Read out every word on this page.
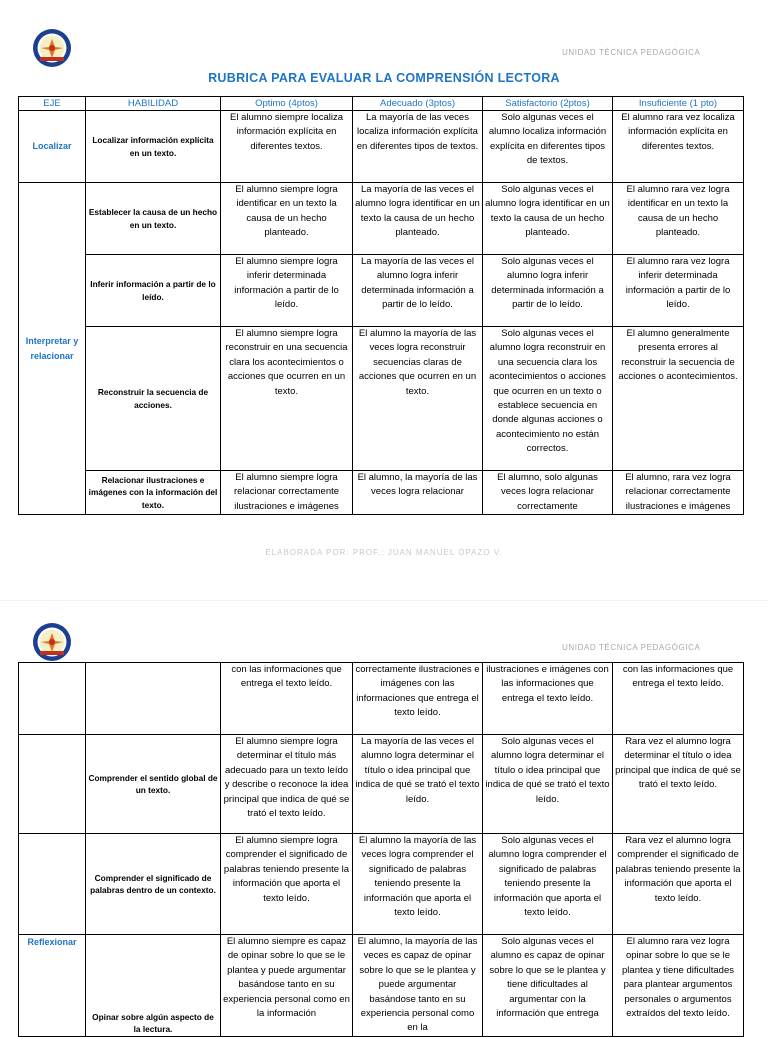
UNIDAD TÉCNICA PEDAGÓGICA
RUBRICA PARA EVALUAR LA COMPRENSIÓN LECTORA
EJE	HABILIDAD	Optimo (4ptos)	Adecuado (3ptos)	Satisfactorio (2ptos)	Insuficiente (1 pto)
Localizar	Localizar información explícita en un texto.	El alumno siempre localiza información explícita en diferentes textos.	La mayoría de las veces localiza información explícita en diferentes tipos de textos.	Solo algunas veces el alumno localiza información explícita en diferentes tipos de textos.	El alumno rara vez localiza información explícita en diferentes textos.
Interpretar y relacionar	Establecer la causa de un hecho en un texto.	El alumno siempre logra identificar en un texto la causa de un hecho planteado.	La mayoría de las veces el alumno logra identificar en un texto la causa de un hecho planteado.	Solo algunas veces el alumno logra identificar en un texto la causa de un hecho planteado.	El alumno rara vez logra identificar en un texto la causa de un hecho planteado.
	Inferir información a partir de lo leído.	El alumno siempre logra inferir determinada información a partir de lo leído.	La mayoría de las veces el alumno logra inferir determinada información a partir de lo leído.	Solo algunas veces el alumno logra inferir determinada información a partir de lo leído.	El alumno rara vez logra inferir determinada información a partir de lo leído.
	Reconstruir la secuencia de acciones.	El alumno siempre logra reconstruir en una secuencia clara los acontecimientos o acciones que ocurren en un texto.	El alumno la mayoría de las veces logra reconstruir secuencias claras de acciones que ocurren en un texto.	Solo algunas veces el alumno logra reconstruir en una secuencia clara los acontecimientos o acciones que ocurren en un texto o establece secuencia en donde algunas acciones o acontecimiento no están correctos.	El alumno generalmente presenta errores al reconstruir la secuencia de acciones o acontecimientos.
	Relacionar ilustraciones e imágenes con la información del texto.	El alumno siempre logra relacionar correctamente ilustraciones e imágenes	El alumno, la mayoría de las veces logra relacionar	El alumno, solo algunas veces logra relacionar correctamente	El alumno, rara vez logra relacionar correctamente ilustraciones e imágenes
ELABORADA POR: PROF.: JUAN MANUEL OPAZO V.
UNIDAD TÉCNICA PEDAGÓGICA
		con las informaciones que entrega el texto leído.	correctamente ilustraciones e imágenes con las informaciones que entrega el texto leído.	ilustraciones e imágenes con las informaciones que entrega el texto leído.	con las informaciones que entrega el texto leído.
	Comprender el sentido global de un texto.	El alumno siempre logra determinar el título más adecuado para un texto leído y describe o reconoce la idea principal que indica de qué se trató el texto leído.	La mayoría de las veces el alumno logra determinar el título o idea principal que indica de qué se trató el texto leído.	Solo algunas veces el alumno logra determinar el título o idea principal que indica de qué se trató el texto leído.	Rara vez el alumno logra determinar el título o idea principal que indica de qué se trató el texto leído.
	Comprender el significado de palabras dentro de un contexto.	El alumno siempre logra comprender el significado de palabras teniendo presente la información que aporta el texto leído.	El alumno la mayoría de las veces logra comprender el significado de palabras teniendo presente la información que aporta el texto leído.	Solo algunas veces el alumno logra comprender el significado de palabras teniendo presente la información que aporta el texto leído.	Rara vez el alumno logra comprender el significado de palabras teniendo presente la información que aporta el texto leído.
Reflexionar	Opinar sobre algún aspecto de la lectura.	El alumno siempre es capaz de opinar sobre lo que se le plantea y puede argumentar basándose tanto en su experiencia personal como en la información	El alumno, la mayoría de las veces es capaz de opinar sobre lo que se le plantea y puede argumentar basándose tanto en su experiencia personal como en la	Solo algunas veces el alumno es capaz de opinar sobre lo que se le plantea y tiene dificultades al argumentar con la información que entrega	El alumno rara vez logra opinar sobre lo que se le plantea y tiene dificultades para plantear argumentos personales o argumentos extraídos del texto leído.
